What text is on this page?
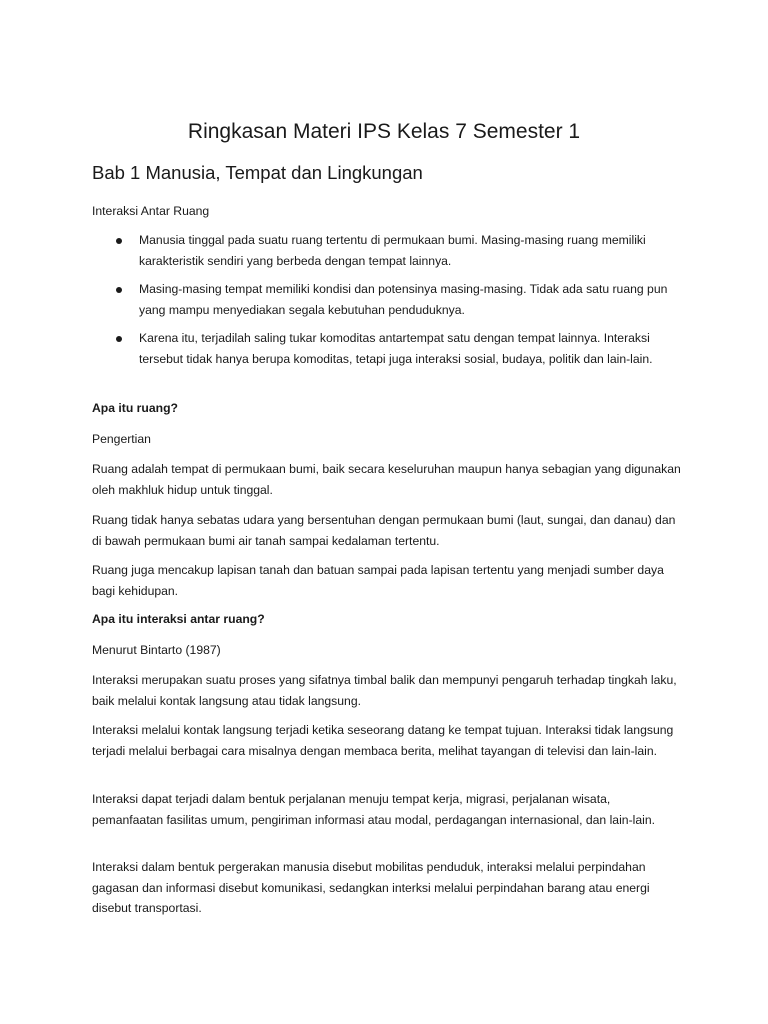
Ringkasan Materi IPS Kelas 7 Semester 1
Bab 1 Manusia, Tempat dan Lingkungan

Interaksi Antar Ruang

Manusia tinggal pada suatu ruang tertentu di permukaan bumi. Masing-masing ruang memiliki karakteristik sendiri yang berbeda dengan tempat lainnya.

Masing-masing tempat memiliki kondisi dan potensinya masing-masing. Tidak ada satu ruang pun yang mampu menyediakan segala kebutuhan penduduknya.

Karena itu, terjadilah saling tukar komoditas antartempat satu dengan tempat lainnya. Interaksi tersebut tidak hanya berupa komoditas, tetapi juga interaksi sosial, budaya, politik dan lain-lain.

Apa itu ruang?

Pengertian

Ruang adalah tempat di permukaan bumi, baik secara keseluruhan maupun hanya sebagian yang digunakan oleh makhluk hidup untuk tinggal.

Ruang tidak hanya sebatas udara yang bersentuhan dengan permukaan bumi (laut, sungai, dan danau) dan di bawah permukaan bumi air tanah sampai kedalaman tertentu.

Ruang juga mencakup lapisan tanah dan batuan sampai pada lapisan tertentu yang menjadi sumber daya bagi kehidupan.

Apa itu interaksi antar ruang?

Menurut Bintarto (1987)

Interaksi merupakan suatu proses yang sifatnya timbal balik dan mempunyi pengaruh terhadap tingkah laku, baik melalui kontak langsung atau tidak langsung.

Interaksi melalui kontak langsung terjadi ketika seseorang datang ke tempat tujuan. Interaksi tidak langsung terjadi melalui berbagai cara misalnya dengan membaca berita, melihat tayangan di televisi dan lain-lain.

Interaksi dapat terjadi dalam bentuk perjalanan menuju tempat kerja, migrasi, perjalanan wisata, pemanfaatan fasilitas umum, pengiriman informasi atau modal, perdagangan internasional, dan lain-lain.

Interaksi dalam bentuk pergerakan manusia disebut mobilitas penduduk, interaksi melalui perpindahan gagasan dan informasi disebut komunikasi, sedangkan interksi melalui perpindahan barang atau energi disebut transportasi.
